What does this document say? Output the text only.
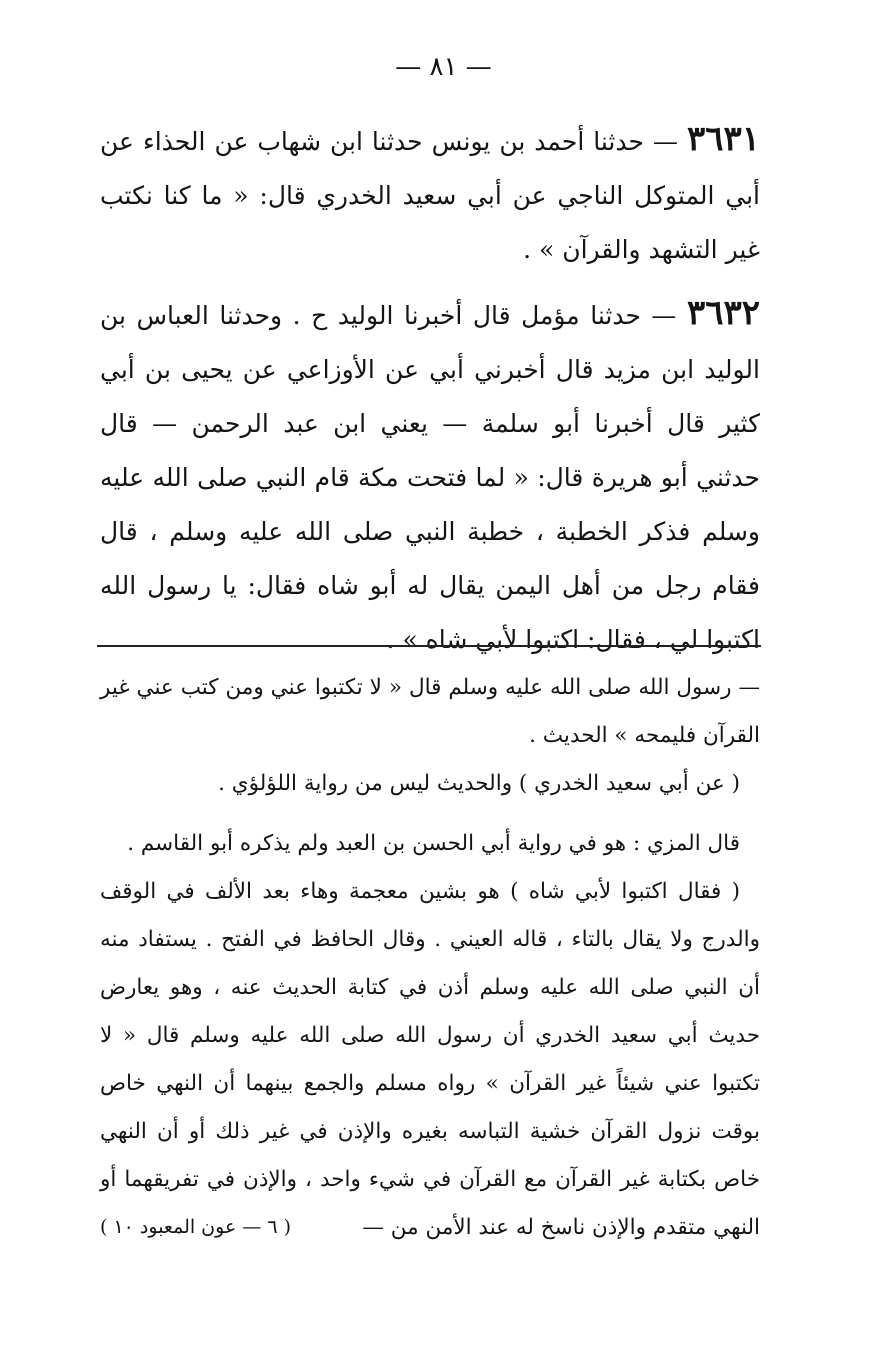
— ٨١ —
٣٦٣١ — حدثنا أحمد بن يونس حدثنا ابن شهاب عن الحذاء عن أبي المتوكل الناجي عن أبي سعيد الخدري قال: « ما كنا نكتب غير التشهد والقرآن » .
٣٦٣٢ — حدثنا مؤمل قال أخبرنا الوليد ح . وحدثنا العباس بن الوليد ابن مزيد قال أخبرني أبي عن الأوزاعي عن يحيى بن أبي كثير قال أخبرنا أبو سلمة — يعني ابن عبد الرحمن — قال حدثني أبو هريرة قال: « لما فتحت مكة قام النبي صلى الله عليه وسلم فذكر الخطبة ، خطبة النبي صلى الله عليه وسلم ، قال فقام رجل من أهل اليمن يقال له أبو شاه فقال: يا رسول الله اكتبوا لي ، فقال: اكتبوا لأبي شاه » .
— رسول الله صلى الله عليه وسلم قال « لا تكتبوا عني ومن كتب عني غير القرآن فليمحه » الحديث .
( عن أبي سعيد الخدري ) والحديث ليس من رواية اللؤلؤي .
قال المزي : هو في رواية أبي الحسن بن العبد ولم يذكره أبو القاسم .
( فقال اكتبوا لأبي شاه ) هو بشين معجمة وهاء بعد الألف في الوقف والدرج ولا يقال بالتاء ، قاله العيني . وقال الحافظ في الفتح . يستفاد منه أن النبي صلى الله عليه وسلم أذن في كتابة الحديث عنه ، وهو يعارض حديث أبي سعيد الخدري أن رسول الله صلى الله عليه وسلم قال « لا تكتبوا عني شيئاً غير القرآن » رواه مسلم والجمع بينهما أن النهي خاص بوقت نزول القرآن خشية التباسه بغيره والإذن في غير ذلك أو أن النهي خاص بكتابة غير القرآن مع القرآن في شيء واحد ، والإذن في تفريقهما أو النهي متقدم والإذن ناسخ له عند الأمن من —
( ٦ — عون المعبود ١٠ )
